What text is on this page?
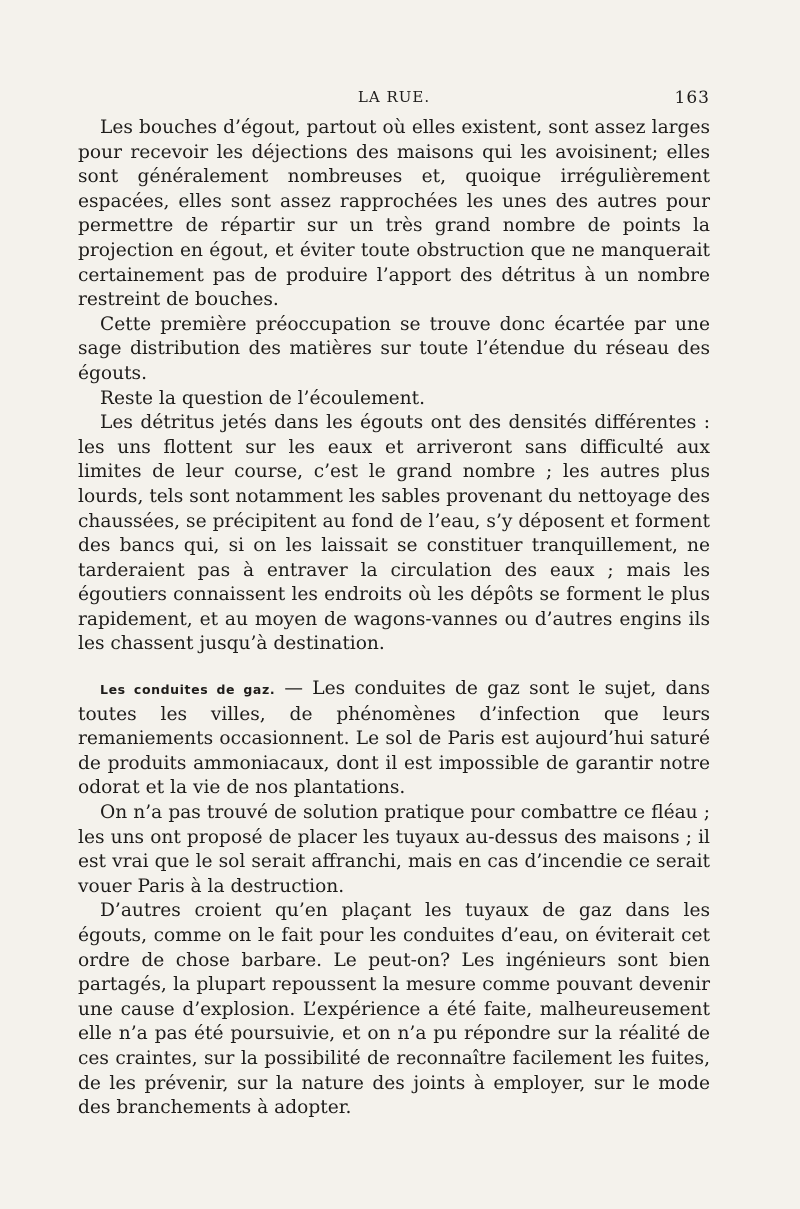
LA RUE.	163

Les bouches d’égout, partout où elles existent, sont assez larges pour recevoir les déjections des maisons qui les avoisinent; elles sont généralement nombreuses et, quoique irrégulièrement espacées, elles sont assez rapprochées les unes des autres pour permettre de répartir sur un très grand nombre de points la projection en égout, et éviter toute obstruction que ne manquerait certainement pas de produire l’apport des détritus à un nombre restreint de bouches.

Cette première préoccupation se trouve donc écartée par une sage distribution des matières sur toute l’étendue du réseau des égouts.

Reste la question de l’écoulement.

Les détritus jetés dans les égouts ont des densités différentes : les uns flottent sur les eaux et arriveront sans difficulté aux limites de leur course, c’est le grand nombre ; les autres plus lourds, tels sont notamment les sables provenant du nettoyage des chaussées, se précipitent au fond de l’eau, s’y déposent et forment des bancs qui, si on les laissait se constituer tranquillement, ne tarderaient pas à entraver la circulation des eaux ; mais les égoutiers connaissent les endroits où les dépôts se forment le plus rapidement, et au moyen de wagons-vannes ou d’autres engins ils les chassent jusqu’à destination.

Les conduites de gaz. — Les conduites de gaz sont le sujet, dans toutes les villes, de phénomènes d’infection que leurs remaniements occasionnent. Le sol de Paris est aujourd’hui saturé de produits ammoniacaux, dont il est impossible de garantir notre odorat et la vie de nos plantations.

On n’a pas trouvé de solution pratique pour combattre ce fléau ; les uns ont proposé de placer les tuyaux au-dessus des maisons ; il est vrai que le sol serait affranchi, mais en cas d’incendie ce serait vouer Paris à la destruction.

D’autres croient qu’en plaçant les tuyaux de gaz dans les égouts, comme on le fait pour les conduites d’eau, on éviterait cet ordre de chose barbare. Le peut-on? Les ingénieurs sont bien partagés, la plupart repoussent la mesure comme pouvant devenir une cause d’explosion. L’expérience a été faite, malheureusement elle n’a pas été poursuivie, et on n’a pu répondre sur la réalité de ces craintes, sur la possibilité de reconnaître facilement les fuites, de les prévenir, sur la nature des joints à employer, sur le mode des branchements à adopter.
